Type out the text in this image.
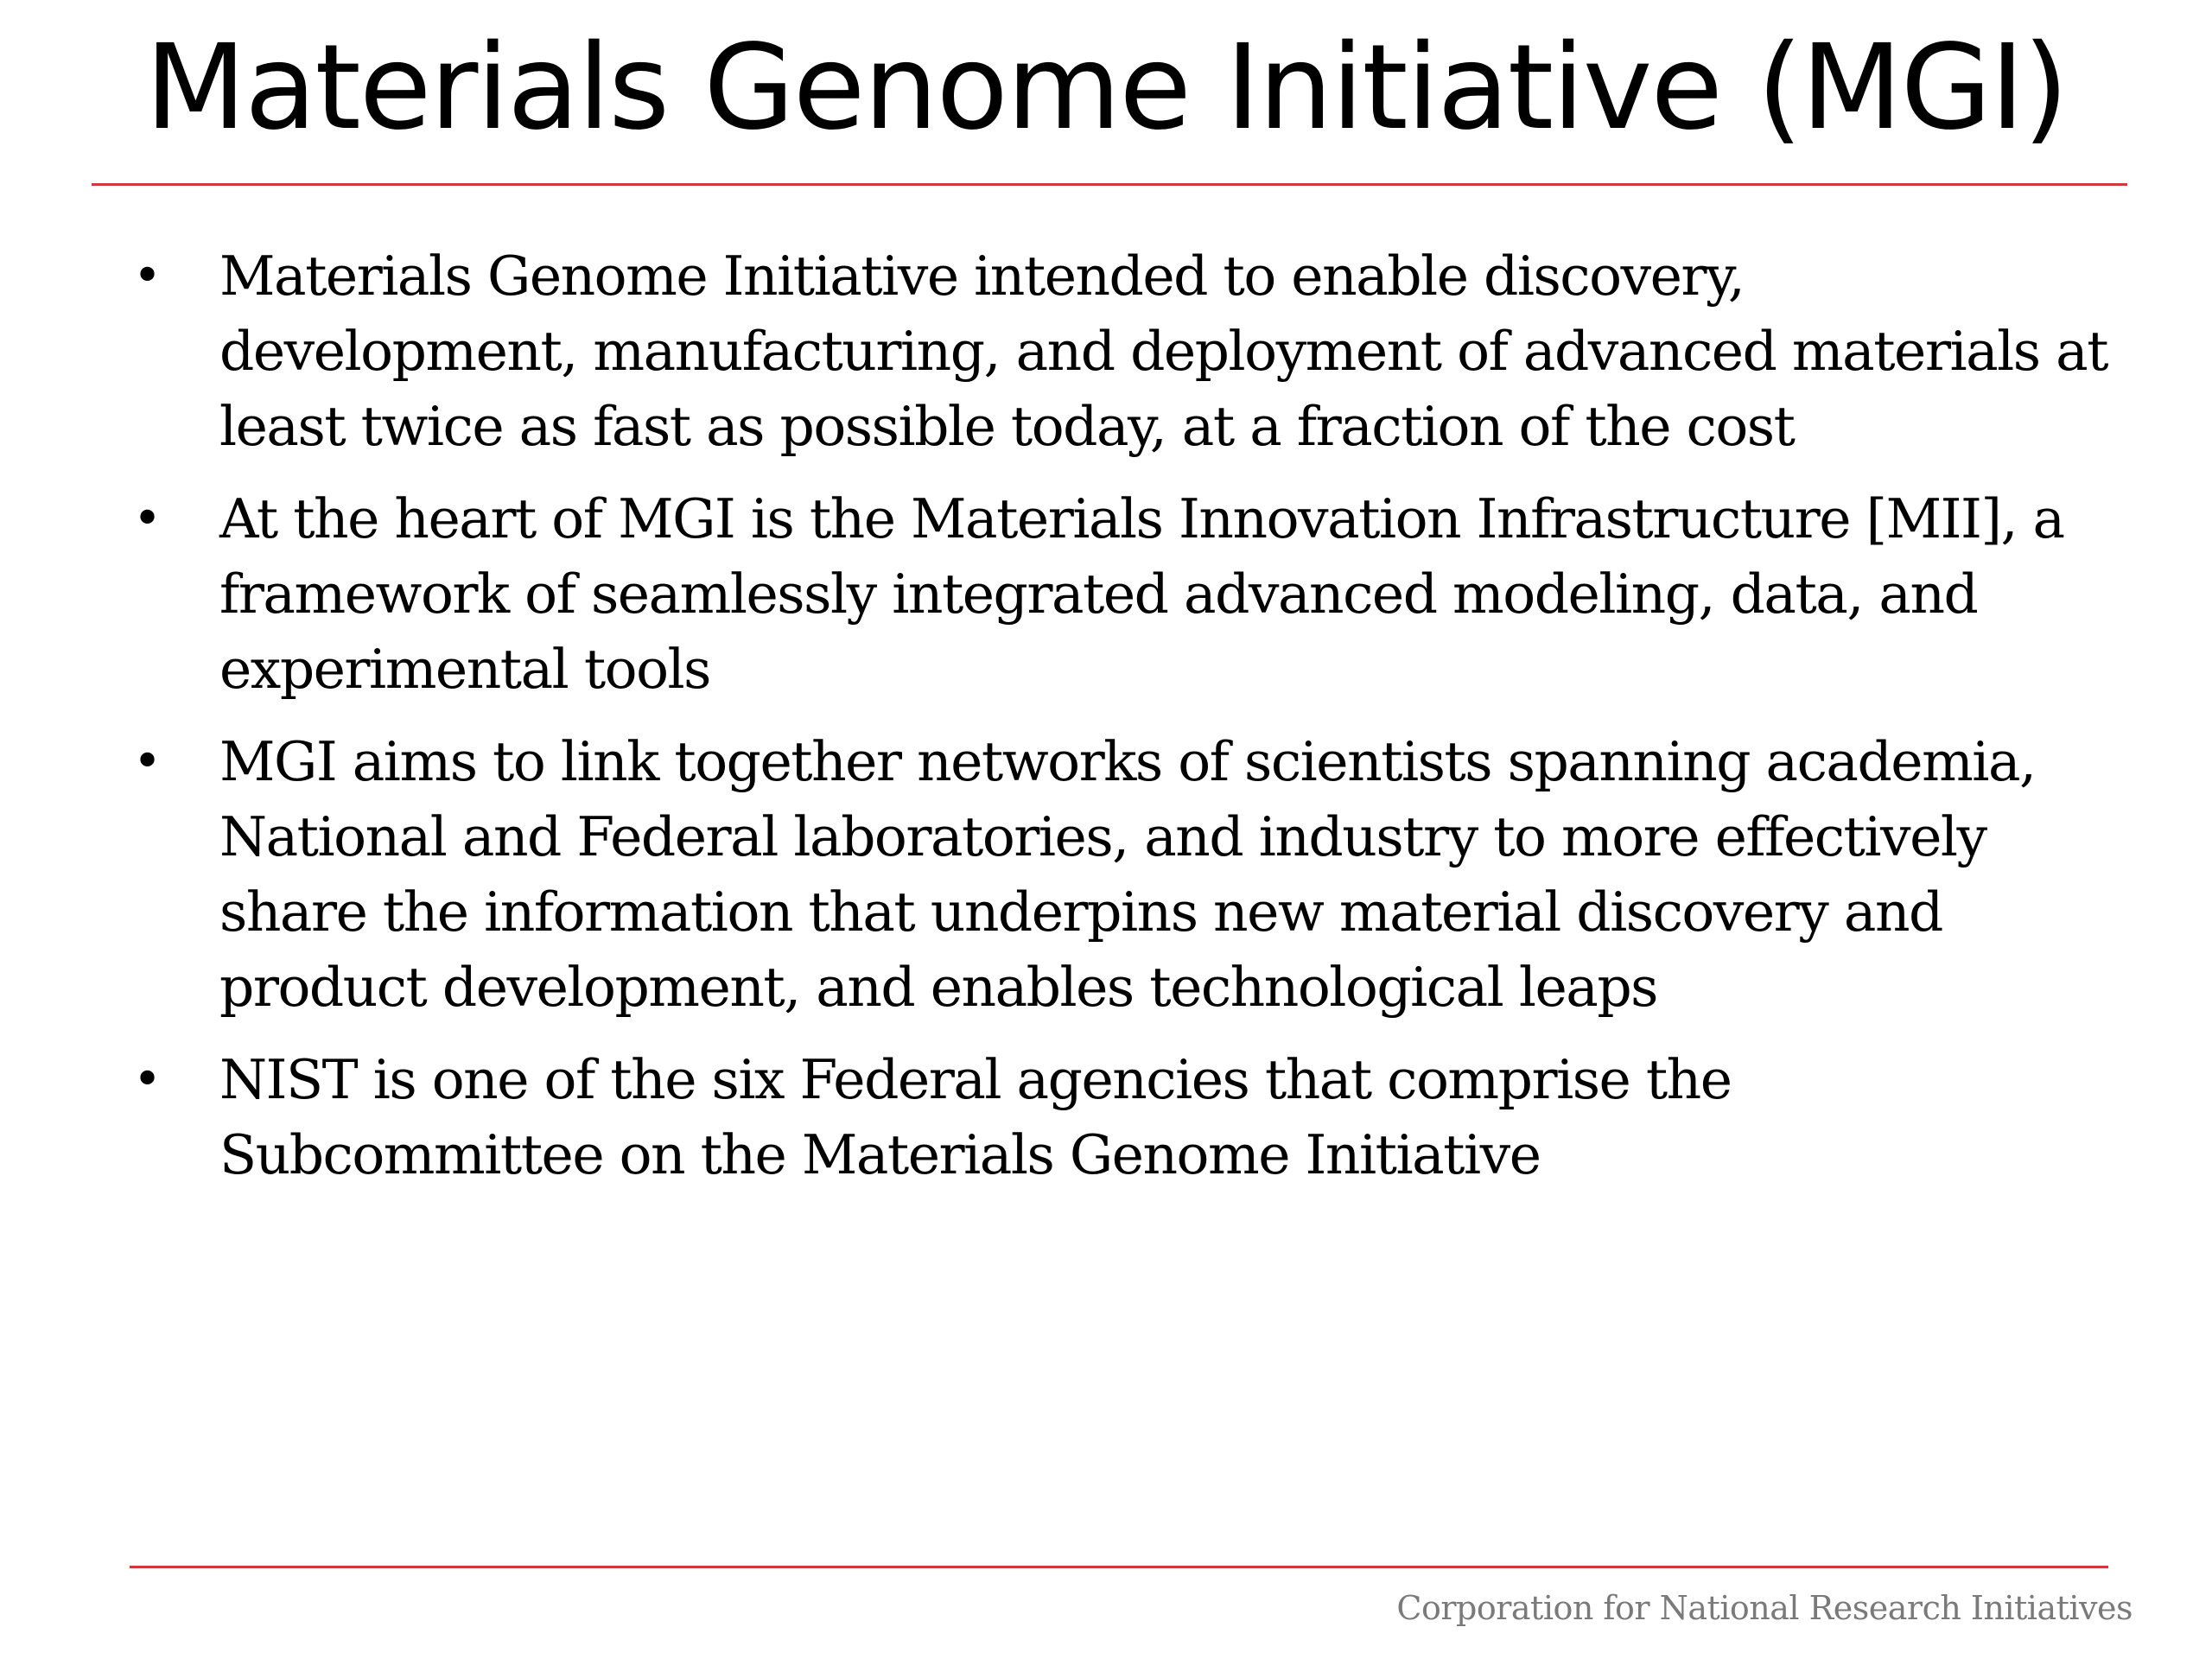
Materials Genome Initiative (MGI)
• Materials Genome Initiative intended to enable discovery, development, manufacturing, and deployment of advanced materials at least twice as fast as possible today, at a fraction of the cost
• At the heart of MGI is the Materials Innovation Infrastructure [MII], a framework of seamlessly integrated advanced modeling, data, and experimental tools
• MGI aims to link together networks of scientists spanning academia, National and Federal laboratories, and industry to more effectively share the information that underpins new material discovery and product development, and enables technological leaps
• NIST is one of the six Federal agencies that comprise the Subcommittee on the Materials Genome Initiative
Corporation for National Research Initiatives
